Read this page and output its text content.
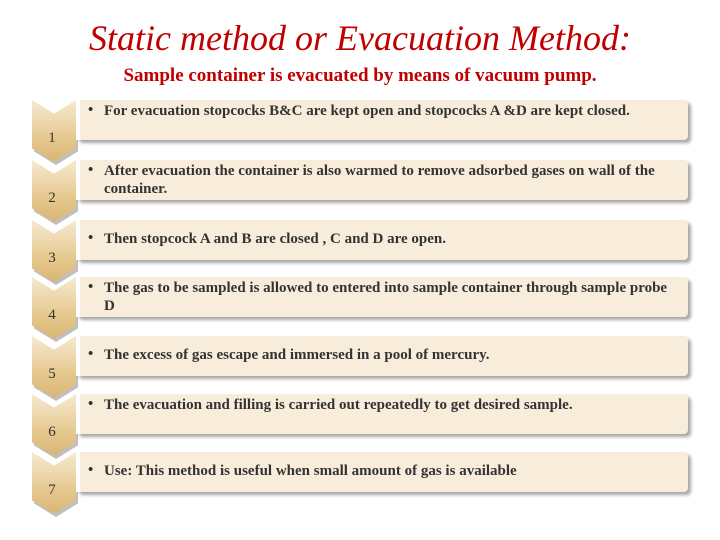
Static method or Evacuation Method:
Sample container is evacuated by means of vacuum pump.
1
• For evacuation stopcocks B&C are kept open and stopcocks A &D are kept closed.
2
• After evacuation the container is also warmed to remove adsorbed gases on wall of the container.
3
• Then stopcock A and B are closed , C and D are open.
4
• The gas to be sampled is allowed to entered into sample container through sample probe D
5
• The excess of gas escape and immersed in a pool of mercury.
6
• The evacuation and filling is carried out repeatedly to get desired sample.
7
• Use: This method is useful when small amount of gas is available
